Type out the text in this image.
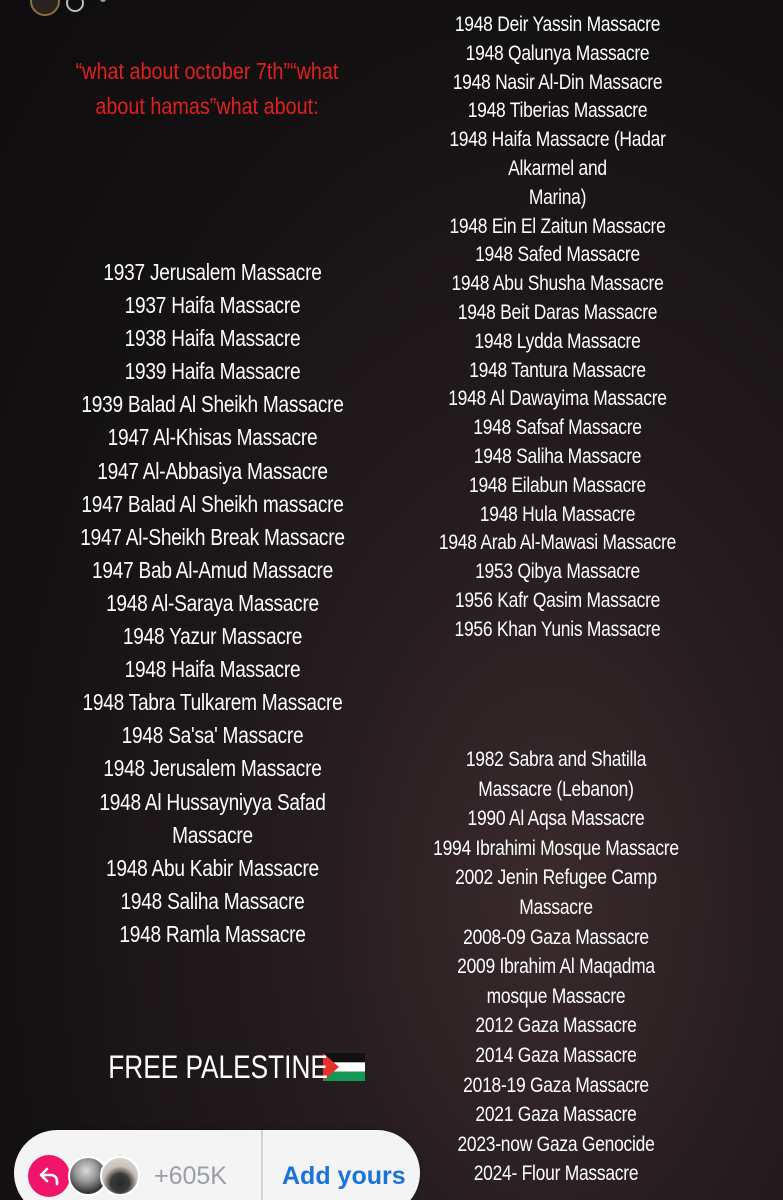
“what about october 7th”“what about hamas”what about:
1937 Jerusalem Massacre
1937 Haifa Massacre
1938 Haifa Massacre
1939 Haifa Massacre
1939 Balad Al Sheikh Massacre
1947 Al-Khisas Massacre
1947 Al-Abbasiya Massacre
1947 Balad Al Sheikh massacre
1947 Al-Sheikh Break Massacre
1947 Bab Al-Amud Massacre
1948 Al-Saraya Massacre
1948 Yazur Massacre
1948 Haifa Massacre
1948 Tabra Tulkarem Massacre
1948 Sa'sa' Massacre
1948 Jerusalem Massacre
1948 Al Hussayniyya Safad
Massacre
1948 Abu Kabir Massacre
1948 Saliha Massacre
1948 Ramla Massacre
1948 Deir Yassin Massacre
1948 Qalunya Massacre
1948 Nasir Al-Din Massacre
1948 Tiberias Massacre
1948 Haifa Massacre (Hadar
Alkarmel and
Marina)
1948 Ein El Zaitun Massacre
1948 Safed Massacre
1948 Abu Shusha Massacre
1948 Beit Daras Massacre
1948 Lydda Massacre
1948 Tantura Massacre
1948 Al Dawayima Massacre
1948 Safsaf Massacre
1948 Saliha Massacre
1948 Eilabun Massacre
1948 Hula Massacre
1948 Arab Al-Mawasi Massacre
1953 Qibya Massacre
1956 Kafr Qasim Massacre
1956 Khan Yunis Massacre
1982 Sabra and Shatilla
Massacre (Lebanon)
1990 Al Aqsa Massacre
1994 Ibrahimi Mosque Massacre
2002 Jenin Refugee Camp
Massacre
2008-09 Gaza Massacre
2009 Ibrahim Al Maqadma
mosque Massacre
2012 Gaza Massacre
2014 Gaza Massacre
2018-19 Gaza Massacre
2021 Gaza Massacre
2023-now Gaza Genocide
2024- Flour Massacre
FREE PALESTINE
+605K Add yours
